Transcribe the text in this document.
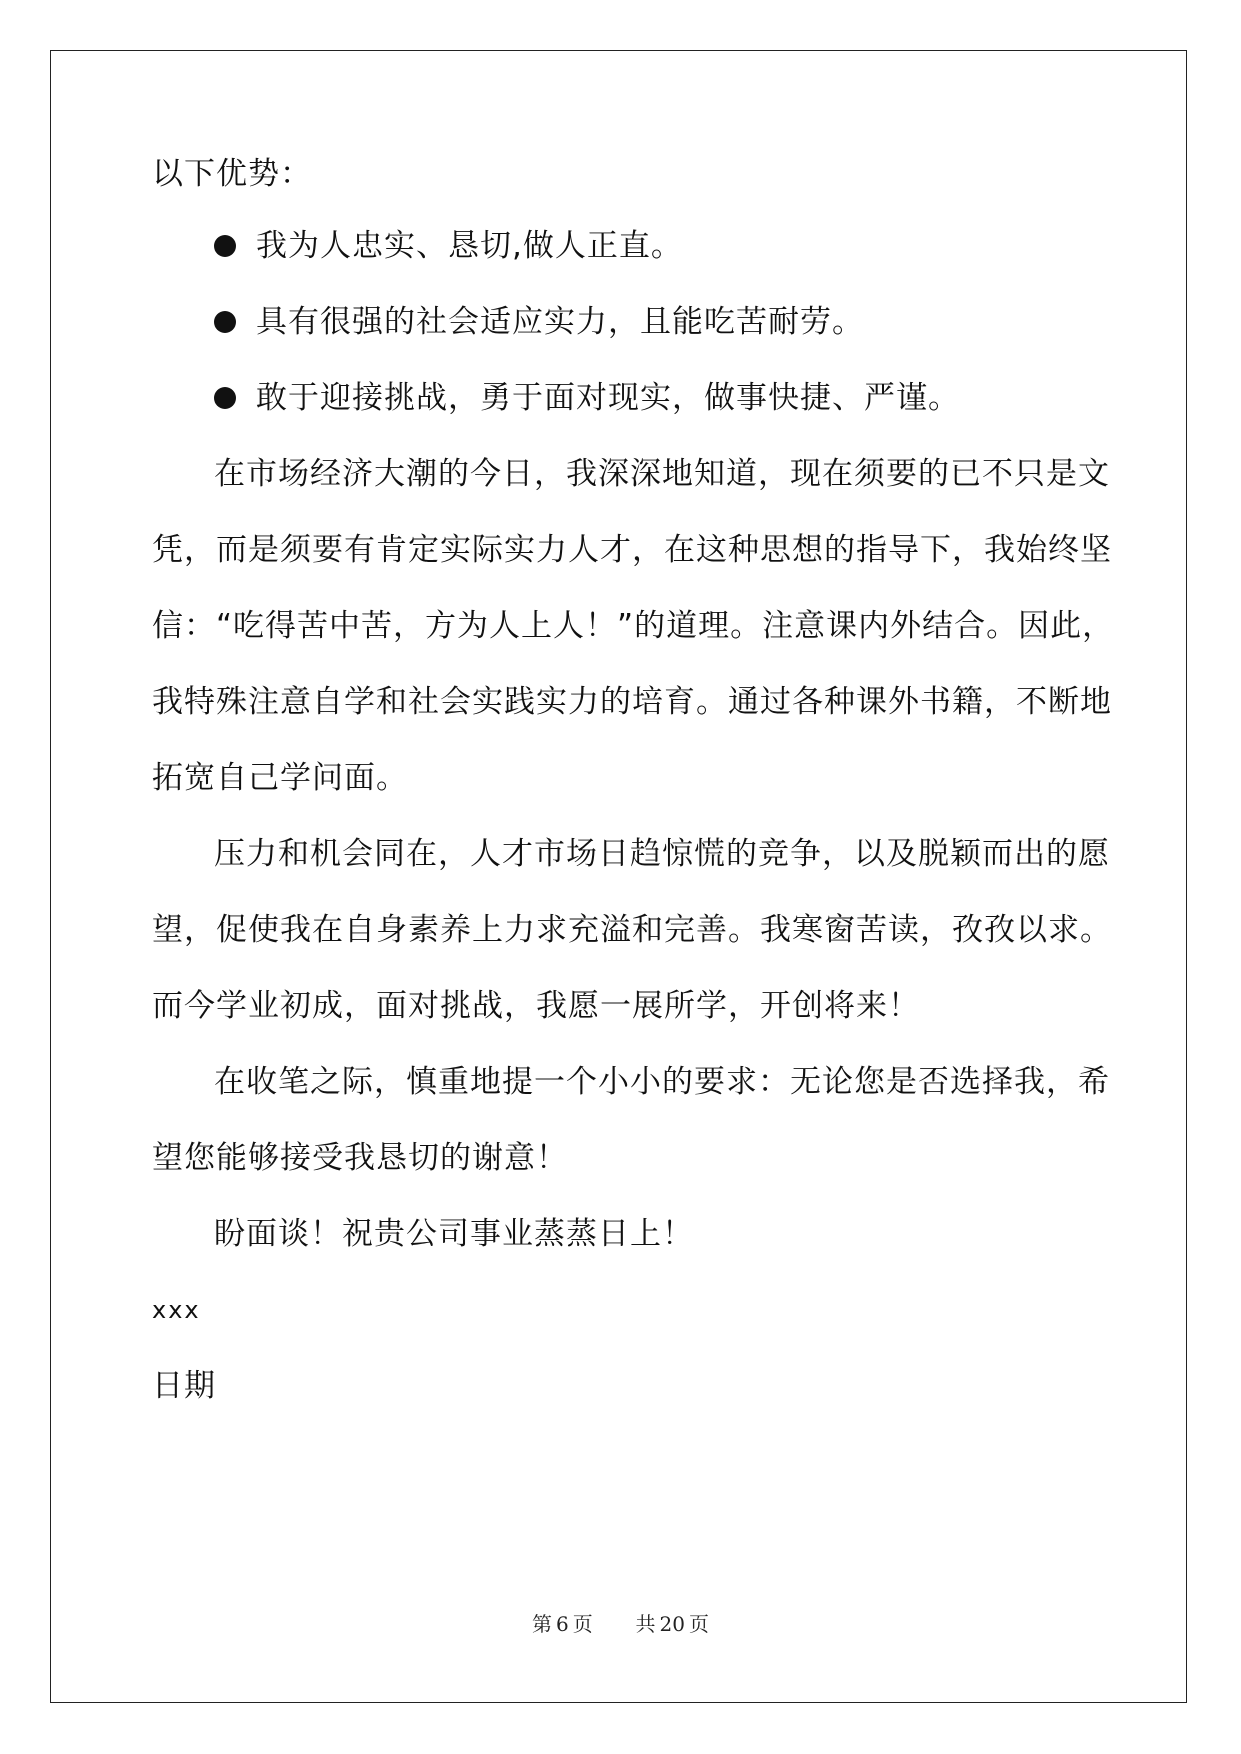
以下优势：
我为人忠实、恳切,做人正直。
具有很强的社会适应实力，且能吃苦耐劳。
敢于迎接挑战，勇于面对现实，做事快捷、严谨。
在市场经济大潮的今日，我深深地知道，现在须要的已不只是文
凭，而是须要有肯定实际实力人才，在这种思想的指导下，我始终坚
信：“吃得苦中苦，方为人上人！”的道理。注意课内外结合。因此，
我特殊注意自学和社会实践实力的培育。通过各种课外书籍，不断地
拓宽自己学问面。
压力和机会同在，人才市场日趋惊慌的竞争，以及脱颖而出的愿
望，促使我在自身素养上力求充溢和完善。我寒窗苦读，孜孜以求。
而今学业初成，面对挑战，我愿一展所学，开创将来！
在收笔之际，慎重地提一个小小的要求：无论您是否选择我，希
望您能够接受我恳切的谢意！
盼面谈！祝贵公司事业蒸蒸日上！
xxx
日期
第 6 页 共 20 页
